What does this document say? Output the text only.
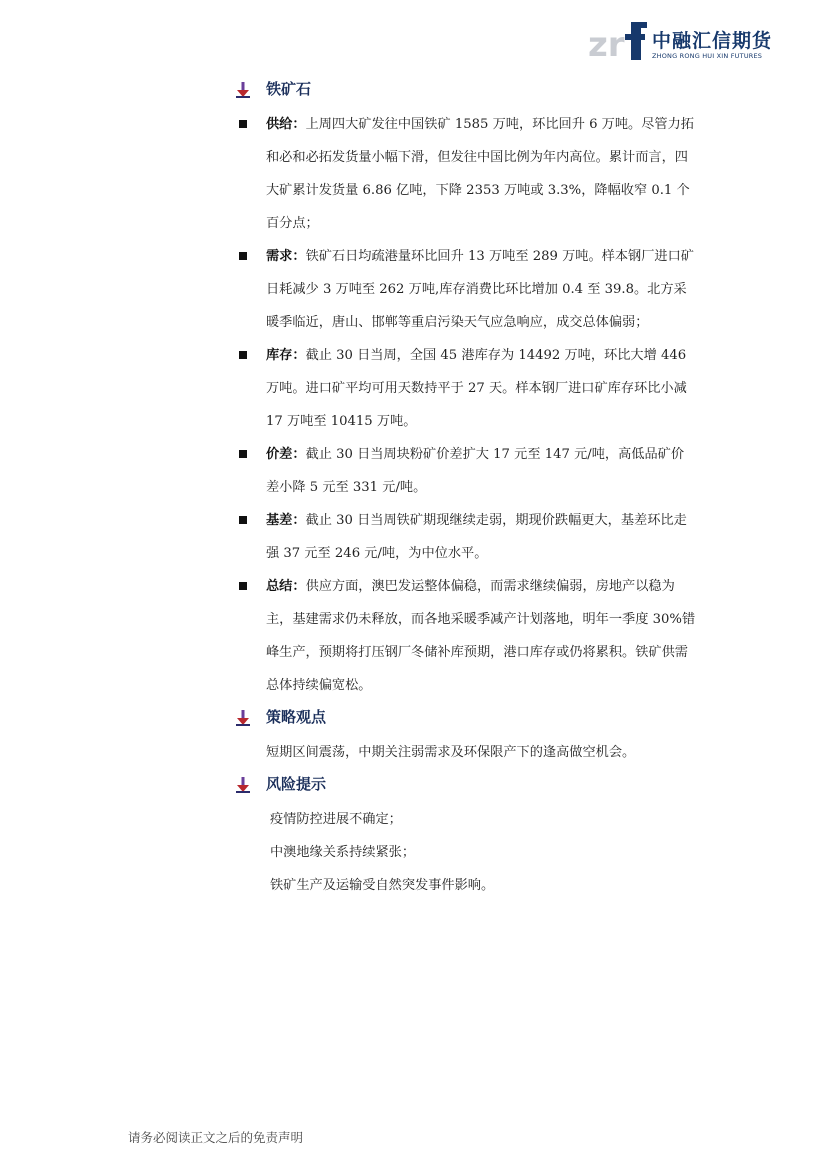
zr 中融汇信期货
ZHONG RONG HUI XIN FUTURES
铁矿石
供给：上周四大矿发往中国铁矿 1585 万吨，环比回升 6 万吨。尽管力拓和必和必拓发货量小幅下滑，但发往中国比例为年内高位。累计而言，四大矿累计发货量 6.86 亿吨，下降 2353 万吨或 3.3%，降幅收窄 0.1 个百分点；
需求：铁矿石日均疏港量环比回升 13 万吨至 289 万吨。样本钢厂进口矿日耗减少 3 万吨至 262 万吨,库存消费比环比增加 0.4 至 39.8。北方采暖季临近，唐山、邯郸等重启污染天气应急响应，成交总体偏弱；
库存：截止 30 日当周，全国 45 港库存为 14492 万吨，环比大增 446 万吨。进口矿平均可用天数持平于 27 天。样本钢厂进口矿库存环比小减 17 万吨至 10415 万吨。
价差：截止 30 日当周块粉矿价差扩大 17 元至 147 元/吨，高低品矿价差小降 5 元至 331 元/吨。
基差：截止 30 日当周铁矿期现继续走弱，期现价跌幅更大，基差环比走强 37 元至 246 元/吨，为中位水平。
总结：供应方面，澳巴发运整体偏稳，而需求继续偏弱，房地产以稳为主，基建需求仍未释放，而各地采暖季减产计划落地，明年一季度 30%错峰生产，预期将打压钢厂冬储补库预期，港口库存或仍将累积。铁矿供需总体持续偏宽松。
策略观点
短期区间震荡，中期关注弱需求及环保限产下的逢高做空机会。
风险提示
疫情防控进展不确定；
中澳地缘关系持续紧张；
铁矿生产及运输受自然突发事件影响。
请务必阅读正文之后的免责声明
